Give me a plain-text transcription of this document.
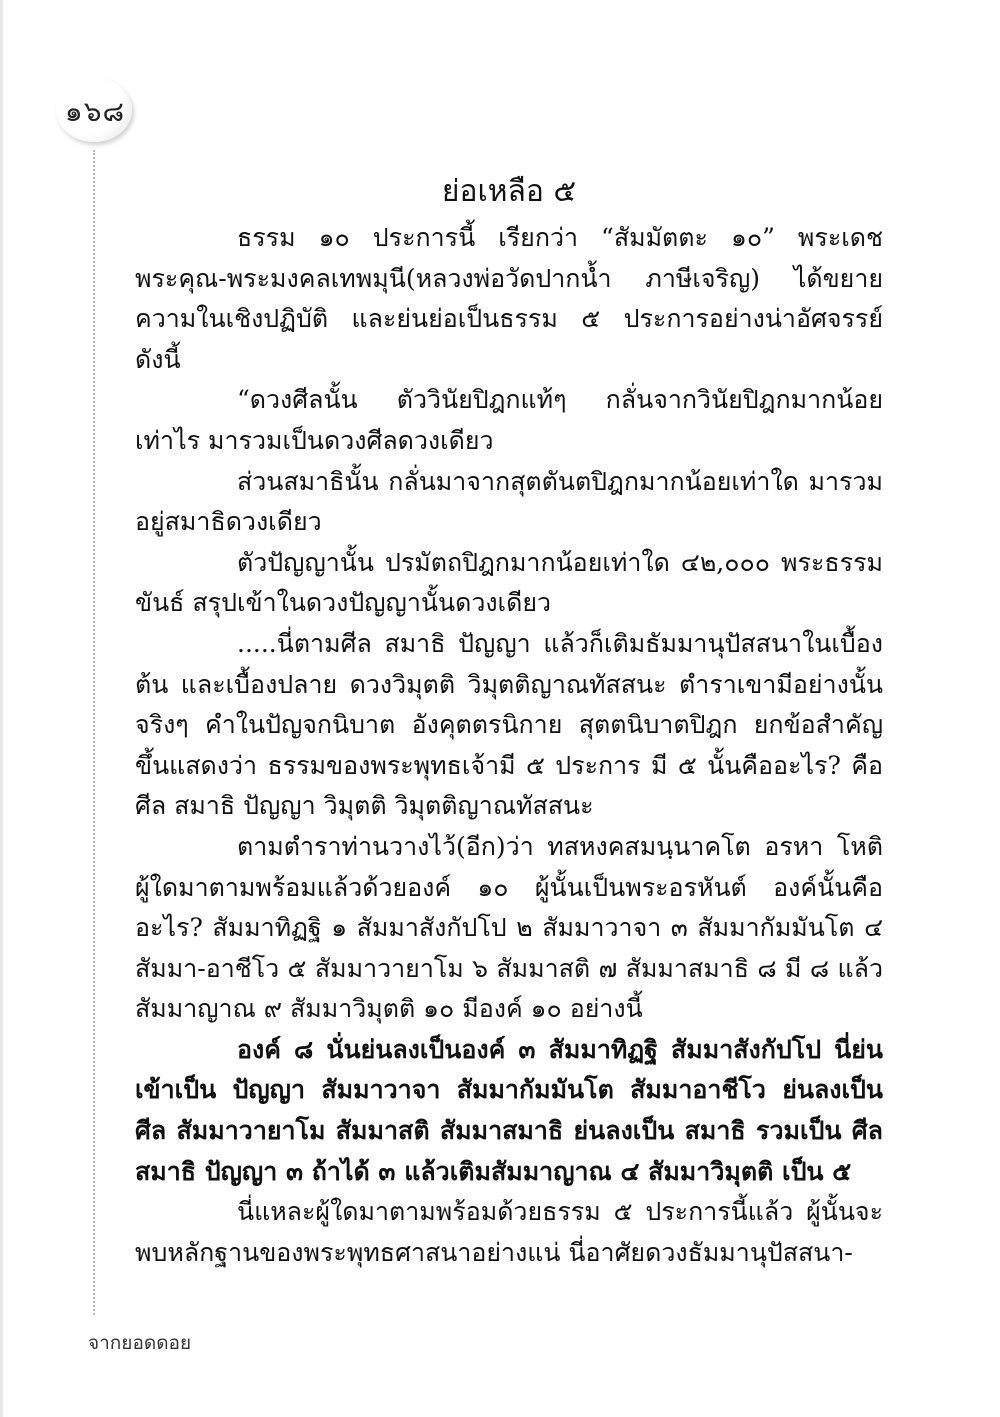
๑๖๘
ย่อเหลือ ๕

ธรรม ๑๐ ประการนี้ เรียกว่า “สัมมัตตะ ๑๐” พระเดชพระคุณ-พระมงคลเทพมุนี(หลวงพ่อวัดปากน้ำ ภาษีเจริญ) ได้ขยายความในเชิงปฏิบัติ และย่นย่อเป็นธรรม ๕ ประการอย่างน่าอัศจรรย์ ดังนี้

“ดวงศีลนั้น ตัววินัยปิฎกแท้ๆ กลั่นจากวินัยปิฎกมากน้อยเท่าไร มารวมเป็นดวงศีลดวงเดียว

ส่วนสมาธินั้น กลั่นมาจากสุตตันตปิฎกมากน้อยเท่าใด มารวมอยู่สมาธิดวงเดียว

ตัวปัญญานั้น ปรมัตถปิฎกมากน้อยเท่าใด ๔๒,๐๐๐ พระธรรมขันธ์ สรุปเข้าในดวงปัญญานั้นดวงเดียว

.....นี่ตามศีล สมาธิ ปัญญา แล้วก็เติมธัมมานุปัสสนาในเบื้องต้น และเบื้องปลาย ดวงวิมุตติ วิมุตติญาณทัสสนะ ตำราเขามีอย่างนั้นจริงๆ คำในปัญจกนิบาต อังคุตตรนิกาย สุตตนิบาตปิฎก ยกข้อสำคัญขึ้นแสดงว่า ธรรมของพระพุทธเจ้ามี ๕ ประการ มี ๕ นั้นคืออะไร? คือ ศีล สมาธิ ปัญญา วิมุตติ วิมุตติญาณทัสสนะ

ตามตำราท่านวางไว้(อีก)ว่า ทสหงคสมนฺนาคโต อรหา โหติ ผู้ใดมาตามพร้อมแล้วด้วยองค์ ๑๐ ผู้นั้นเป็นพระอรหันต์ องค์นั้นคืออะไร? สัมมาทิฏฐิ ๑ สัมมาสังกัปโป ๒ สัมมาวาจา ๓ สัมมากัมมันโต ๔ สัมมา-อาชีโว ๕ สัมมาวายาโม ๖ สัมมาสติ ๗ สัมมาสมาธิ ๘ มี ๘ แล้ว สัมมาญาณ ๙ สัมมาวิมุตติ ๑๐ มีองค์ ๑๐ อย่างนี้

องค์ ๘ นั่นย่นลงเป็นองค์ ๓ สัมมาทิฏฐิ สัมมาสังกัปโป นี่ย่นเข้าเป็น ปัญญา สัมมาวาจา สัมมากัมมันโต สัมมาอาชีโว ย่นลงเป็น ศีล สัมมาวายาโม สัมมาสติ สัมมาสมาธิ ย่นลงเป็น สมาธิ รวมเป็น ศีล สมาธิ ปัญญา ๓ ถ้าได้ ๓ แล้วเติมสัมมาญาณ ๔ สัมมาวิมุตติ เป็น ๕

นี่แหละผู้ใดมาตามพร้อมด้วยธรรม ๕ ประการนี้แล้ว ผู้นั้นจะพบหลักฐานของพระพุทธศาสนาอย่างแน่ นี่อาศัยดวงธัมมานุปัสสนา-

จากยอดดอย
